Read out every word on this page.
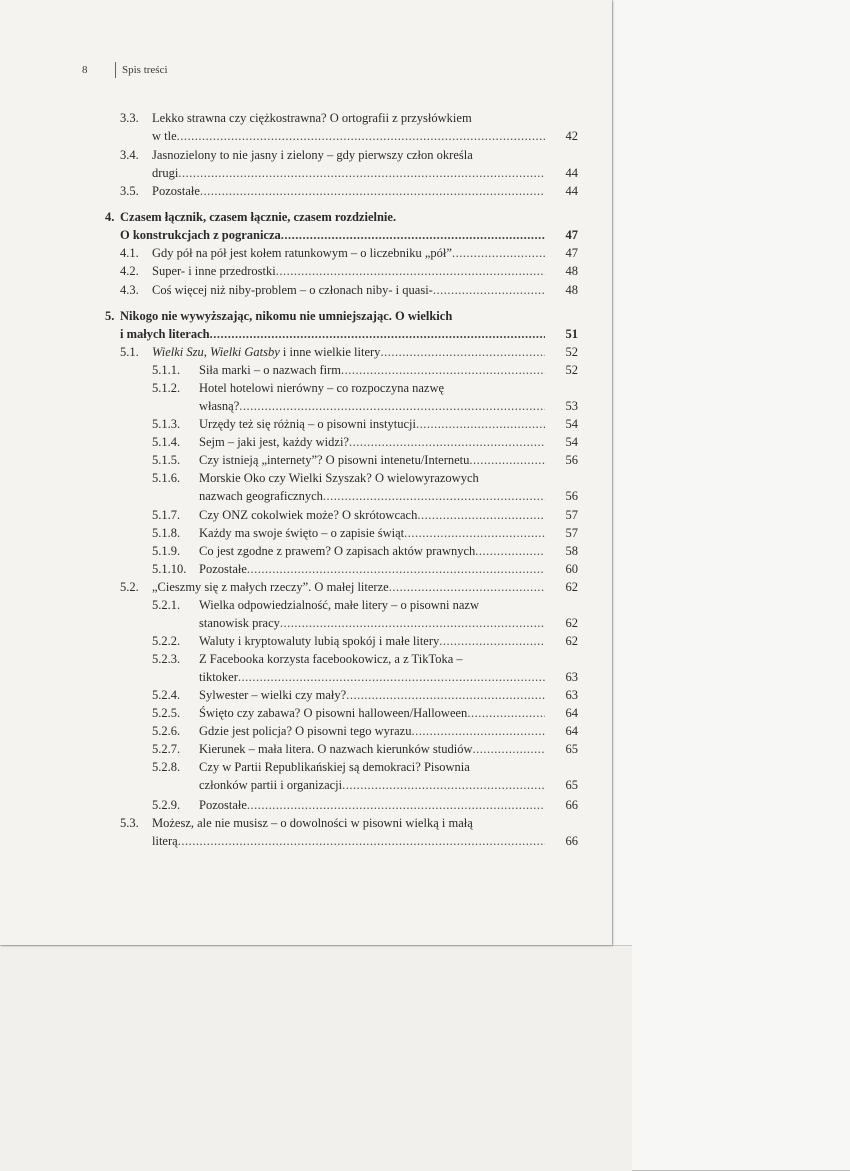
8	Spis treści
3.3. Lekko strawna czy ciężkostrawna? O ortografii z przysłówkiem
w tle .....	42
3.4. Jasnozielony to nie jasny i zielony – gdy pierwszy człon określa
drugi .....	44
3.5. Pozostałe .....	44
4. Czasem łącznik, czasem łącznie, czasem rozdzielnie.
O konstrukcjach z pogranicza .....	47
4.1. Gdy pół na pół jest kołem ratunkowym – o liczebniku „pół” .....	47
4.2. Super- i inne przedrostki .....	48
4.3. Coś więcej niż niby-problem – o członach niby- i quasi- .....	48
5. Nikogo nie wywyższając, nikomu nie umniejszając. O wielkich
i małych literach .....	51
5.1. Wielki Szu, Wielki Gatsby i inne wielkie litery .....	52
5.1.1. Siła marki – o nazwach firm .....	52
5.1.2. Hotel hotelowi nierówny – co rozpoczyna nazwę
własną? .....	53
5.1.3. Urzędy też się różnią – o pisowni instytucji .....	54
5.1.4. Sejm – jaki jest, każdy widzi? .....	54
5.1.5. Czy istnieją „internety”? O pisowni intenetu/Internetu .....	56
5.1.6. Morskie Oko czy Wielki Szyszak? O wielowyrazowych
nazwach geograficznych .....	56
5.1.7. Czy ONZ cokolwiek może? O skrótowcach .....	57
5.1.8. Każdy ma swoje święto – o zapisie świąt .....	57
5.1.9. Co jest zgodne z prawem? O zapisach aktów prawnych .....	58
5.1.10. Pozostałe .....	60
5.2. „Cieszmy się z małych rzeczy”. O małej literze .....	62
5.2.1. Wielka odpowiedzialność, małe litery – o pisowni nazw
stanowisk pracy .....	62
5.2.2. Waluty i kryptowaluty lubią spokój i małe litery .....	62
5.2.3. Z Facebooka korzysta facebookowicz, a z TikToka –
tiktoker .....	63
5.2.4. Sylwester – wielki czy mały? .....	63
5.2.5. Święto czy zabawa? O pisowni halloween/Halloween .....	64
5.2.6. Gdzie jest policja? O pisowni tego wyrazu .....	64
5.2.7. Kierunek – mała litera. O nazwach kierunków studiów .....	65
5.2.8. Czy w Partii Republikańskiej są demokraci? Pisownia
członków partii i organizacji .....	65
5.2.9. Pozostałe .....	66
5.3. Możesz, ale nie musisz – o dowolności w pisowni wielką i małą
literą .....	66
